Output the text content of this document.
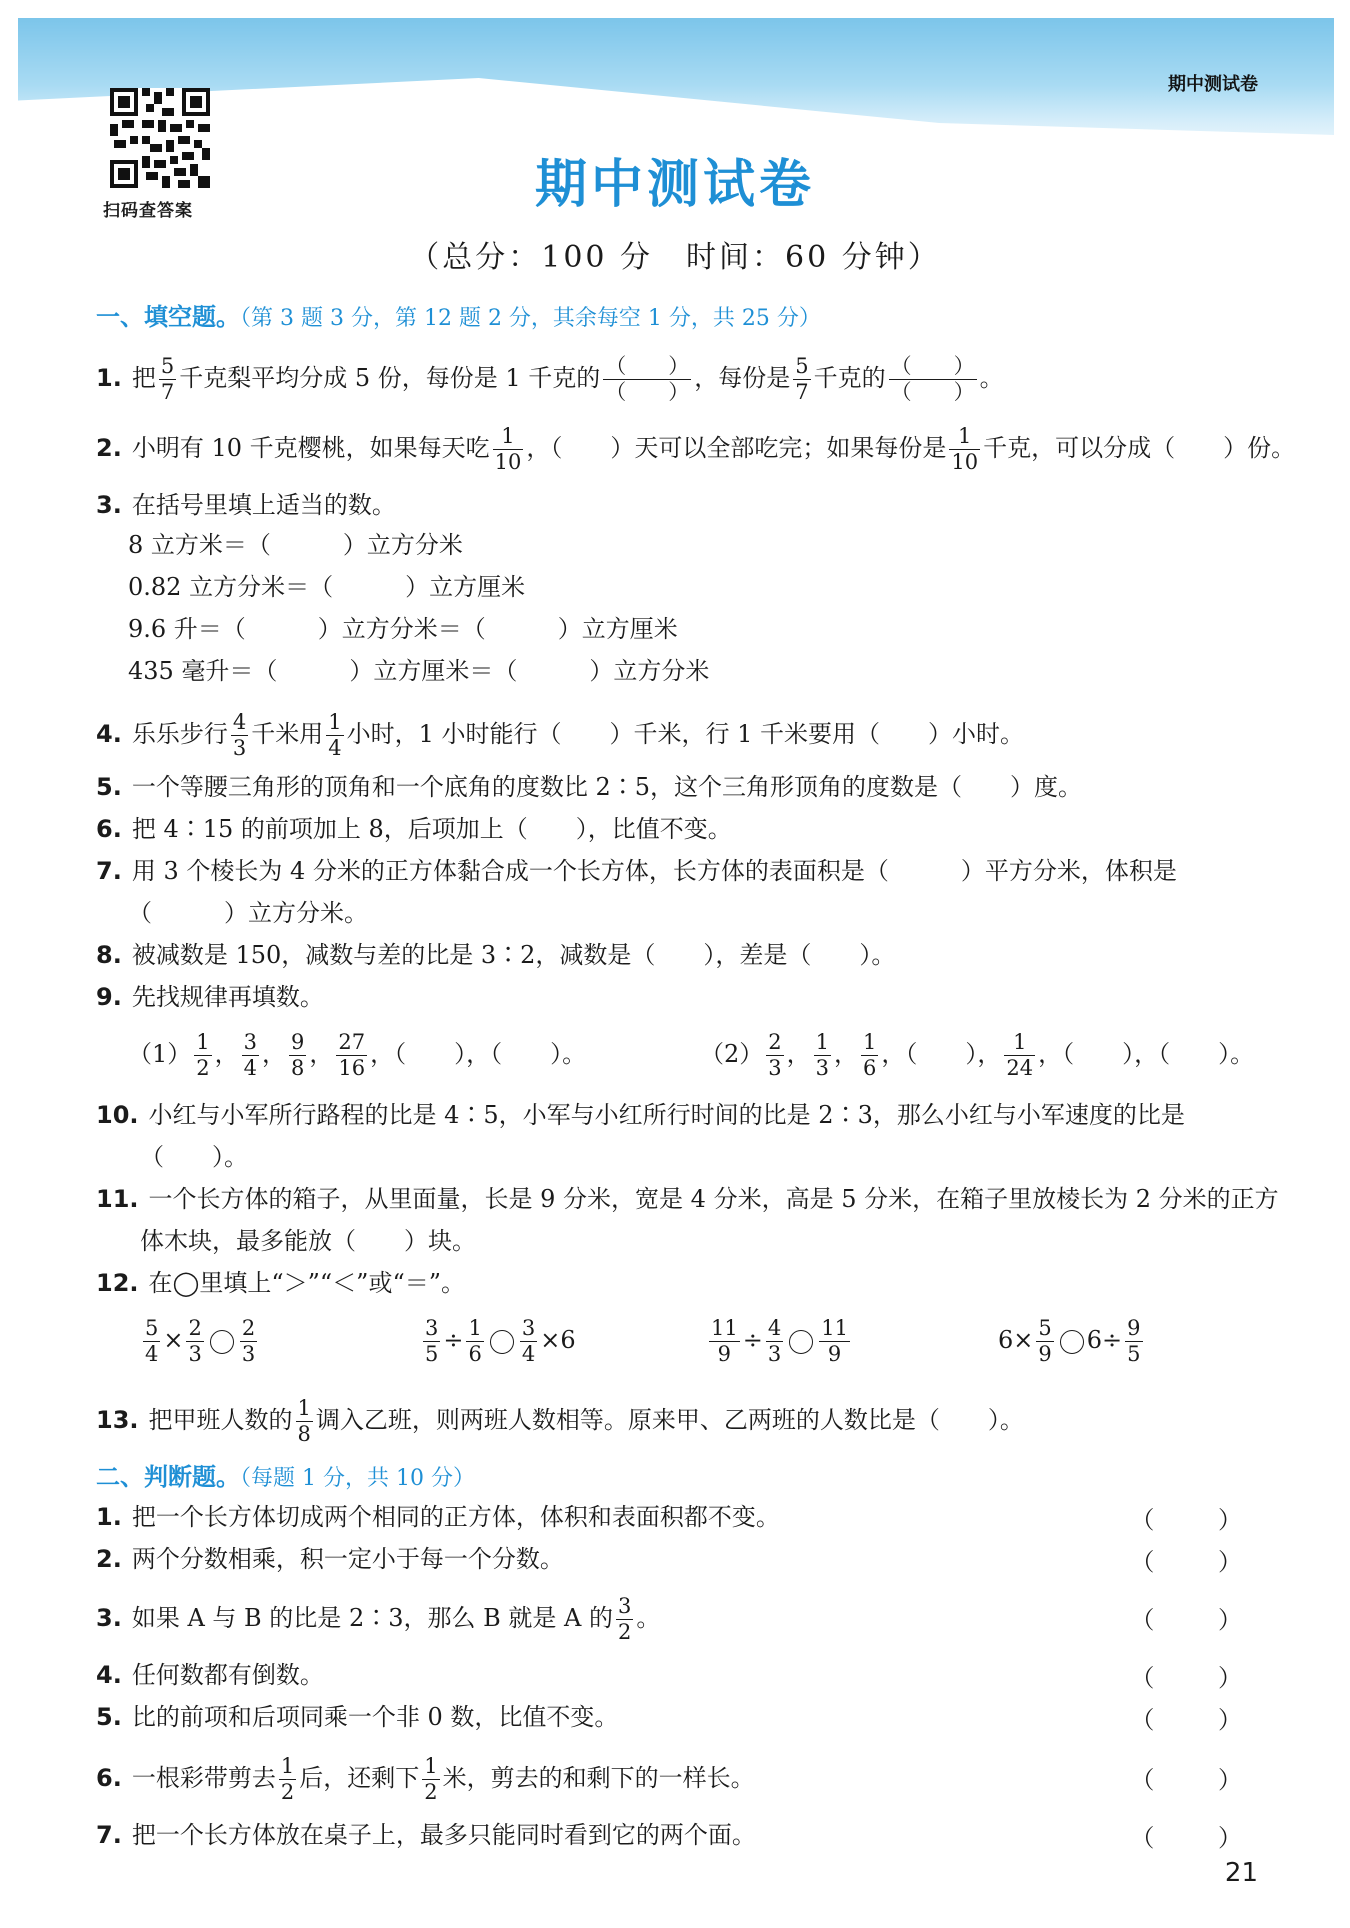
期中测试卷
扫码查答案	期中测试卷
（总分：100 分　时间：60 分钟）
一、填空题。（第 3 题 3 分，第 12 题 2 分，其余每空 1 分，共 25 分）
1. 把 $\frac{5}{7}$ 千克梨平均分成 5 份，每份是 1 千克的 $\frac{( )}{( )}$ ，每份是 $\frac{5}{7}$ 千克的 $\frac{( )}{( )}$ 。
2. 小明有 10 千克樱桃，如果每天吃 $\frac{1}{10}$ ，（　　）天可以全部吃完；如果每份是 $\frac{1}{10}$ 千克，可以分成（　　）份。
3. 在括号里填上适当的数。
8 立方米＝（　　　）立方分米
0.82 立方分米＝（　　　）立方厘米
9.6 升＝（　　　）立方分米＝（　　　）立方厘米
435 毫升＝（　　　）立方厘米＝（　　　）立方分米
4. 乐乐步行 $\frac{4}{3}$ 千米用 $\frac{1}{4}$ 小时，1 小时能行（　　）千米，行 1 千米要用（　　）小时。
5. 一个等腰三角形的顶角和一个底角的度数比 2∶5，这个三角形顶角的度数是（　　）度。
6. 把 4∶15 的前项加上 8，后项加上（　　），比值不变。
7. 用 3 个棱长为 4 分米的正方体黏合成一个长方体，长方体的表面积是（　　　）平方分米，体积是
（　　　）立方分米。
8. 被减数是 150，减数与差的比是 3∶2，减数是（　　），差是（　　）。
9. 先找规律再填数。
$(1) \frac{1}{2}$ ， $\frac{3}{4}$ ， $\frac{9}{8}$ ， $\frac{27}{16}$ ，（　　），（　　）。	$(2) \frac{2}{3}$ ， $\frac{1}{3}$ ， $\frac{1}{6}$ ，（　　）， $\frac{1}{24}$ ，（　　），（　　）。
10. 小红与小军所行路程的比是 4∶5，小军与小红所行时间的比是 2∶3，那么小红与小军速度的比是
（　　）。
11. 一个长方体的箱子，从里面量，长是 9 分米，宽是 4 分米，高是 5 分米，在箱子里放棱长为 2 分米的正方
体木块，最多能放（　　）块。
12. 在◯里填上“＞”“＜”或“＝”。
$\frac{5}{4} \times \frac{2}{3} \frac{2}{3}$	$\frac{3}{5} \div \frac{1}{6} \frac{3}{4} \times 6$	$\frac{11}{9} \div \frac{4}{3} \frac{11}{9}$	$6\times \frac{5}{9} 6\div \frac{9}{5}$
13. 把甲班人数的 $\frac{1}{8}$ 调入乙班，则两班人数相等。原来甲、乙两班的人数比是（　　）。
二、判断题。（每题 1 分，共 10 分）
1. 把一个长方体切成两个相同的正方体，体积和表面积都不变。	（ ）
2. 两个分数相乘，积一定小于每一个分数。	（ ）
3. 如果 A 与 B 的比是 2∶3，那么 B 就是 A 的 $\frac{3}{2}$ 。	（ ）
4. 任何数都有倒数。	（ ）
5. 比的前项和后项同乘一个非 0 数，比值不变。	（ ）
6. 一根彩带剪去 $\frac{1}{2}$ 后，还剩下 $\frac{1}{2}$ 米，剪去的和剩下的一样长。	（ ）
7. 把一个长方体放在桌子上，最多只能同时看到它的两个面。	（ ）
21
